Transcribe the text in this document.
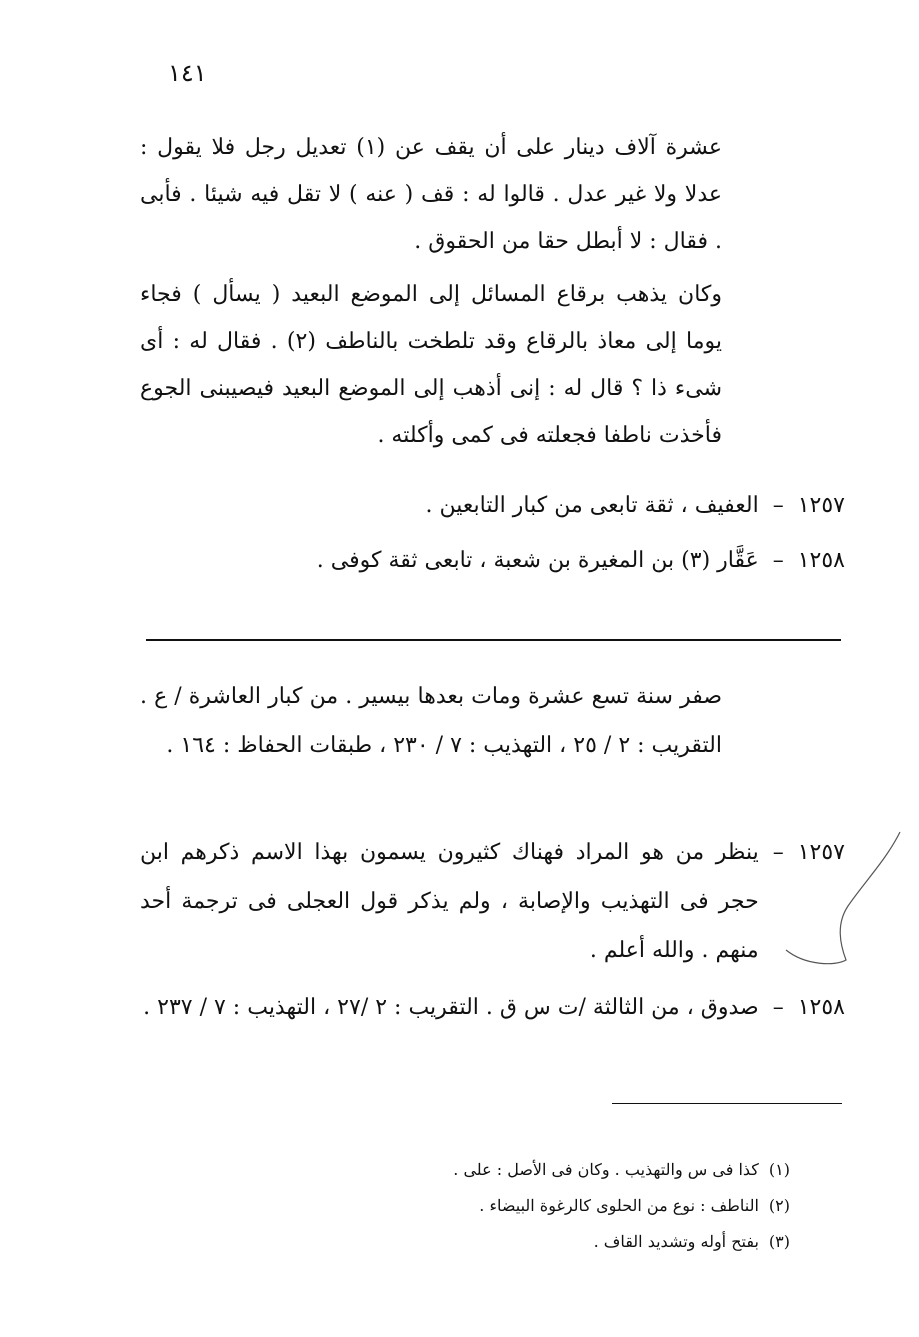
١٤١

عشرة آلاف دينار على أن يقف عن (١) تعديل رجل فلا يقول : عدلا ولا غير عدل . قالوا له : قف ( عنه ) لا تقل فيه شيئا . فأبى . فقال : لا أبطل حقا من الحقوق .

وكان يذهب برقاع المسائل إلى الموضع البعيد ( يسأل ) فجاء يوما إلى معاذ بالرقاع وقد تلطخت بالناطف (٢) . فقال له : أى شىء ذا ؟ قال له : إنى أذهب إلى الموضع البعيد فيصيبنى الجوع فأخذت ناطفا فجعلته فى كمى وأكلته .

١٢٥٧
–
العفيف ، ثقة تابعى من كبار التابعين .
١٢٥٨
–
عَقَّار (٣) بن المغيرة بن شعبة ، تابعى ثقة كوفى .
صفر سنة تسع عشرة ومات بعدها بيسير . من كبار العاشرة / ع . التقريب : ٢ / ٢٥ ، التهذيب : ٧ / ٢٣٠ ، طبقات الحفاظ : ١٦٤ .
١٢٥٧
–
ينظر من هو المراد فهناك كثيرون يسمون بهذا الاسم ذكرهم ابن حجر فى التهذيب والإصابة ، ولم يذكر قول العجلى فى ترجمة أحد منهم . والله أعلم .
١٢٥٨
–
صدوق ، من الثالثة /ت س ق . التقريب : ٢ /٢٧ ، التهذيب : ٧ / ٢٣٧ .
(١)
كذا فى س والتهذيب . وكان فى الأصل : على .
(٢)
الناطف : نوع من الحلوى كالرغوة البيضاء .
(٣)
بفتح أوله وتشديد القاف .
